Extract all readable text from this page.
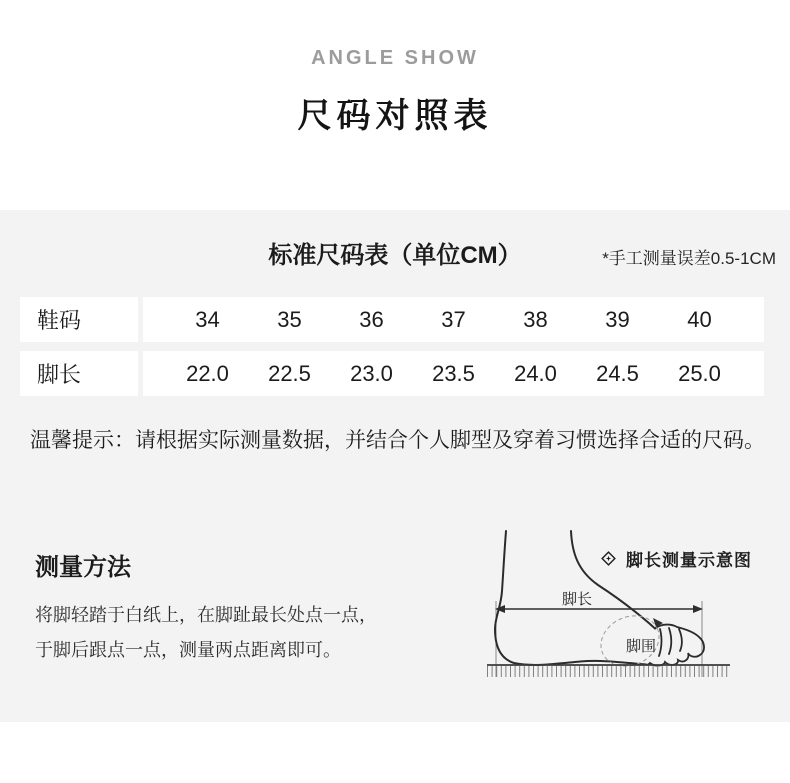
ANGLE SHOW
尺码对照表
标准尺码表（单位CM）	*手工测量误差0.5-1CM
鞋码	34	35	36	37	38	39	40
脚长	22.0	22.5	23.0	23.5	24.0	24.5	25.0

温馨提示：请根据实际测量数据，并结合个人脚型及穿着习惯选择合适的尺码。

测量方法

将脚轻踏于白纸上，在脚趾最长处点一点，

于脚后跟点一点，测量两点距离即可。

脚长测量示意图
脚长
脚围
